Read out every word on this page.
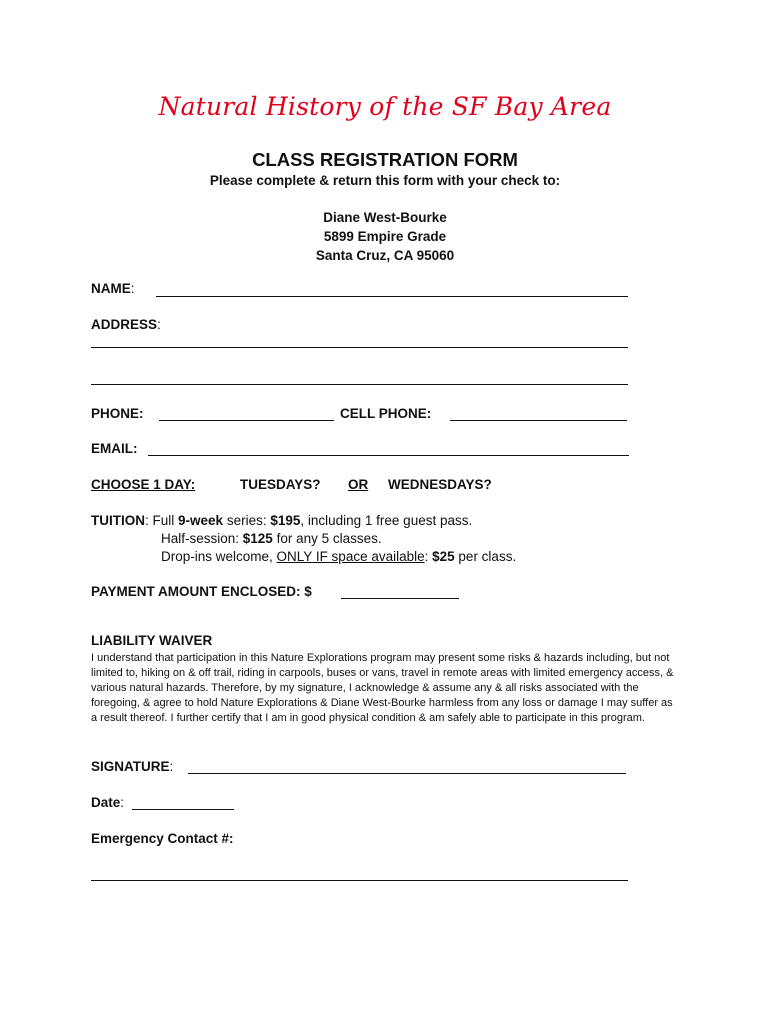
Natural History of the SF Bay Area
CLASS REGISTRATION FORM
Please complete & return this form with your check to:
Diane West-Bourke
5899 Empire Grade
Santa Cruz, CA 95060
NAME:
ADDRESS:
PHONE:	CELL PHONE:
EMAIL:
CHOOSE 1 DAY:	TUESDAYS? OR WEDNESDAYS?
TUITION: Full 9-week series: $195, including 1 free guest pass.
Half-session: $125 for any 5 classes.
Drop-ins welcome, ONLY IF space available: $25 per class.
PAYMENT AMOUNT ENCLOSED: $
LIABILITY WAIVER
I understand that participation in this Nature Explorations program may present some risks & hazards including, but not limited to, hiking on & off trail, riding in carpools, buses or vans, travel in remote areas with limited emergency access, & various natural hazards. Therefore, by my signature, I acknowledge & assume any & all risks associated with the foregoing, & agree to hold Nature Explorations & Diane West-Bourke harmless from any loss or damage I may suffer as a result thereof. I further certify that I am in good physical condition & am safely able to participate in this program.
SIGNATURE:
Date:
Emergency Contact #:
